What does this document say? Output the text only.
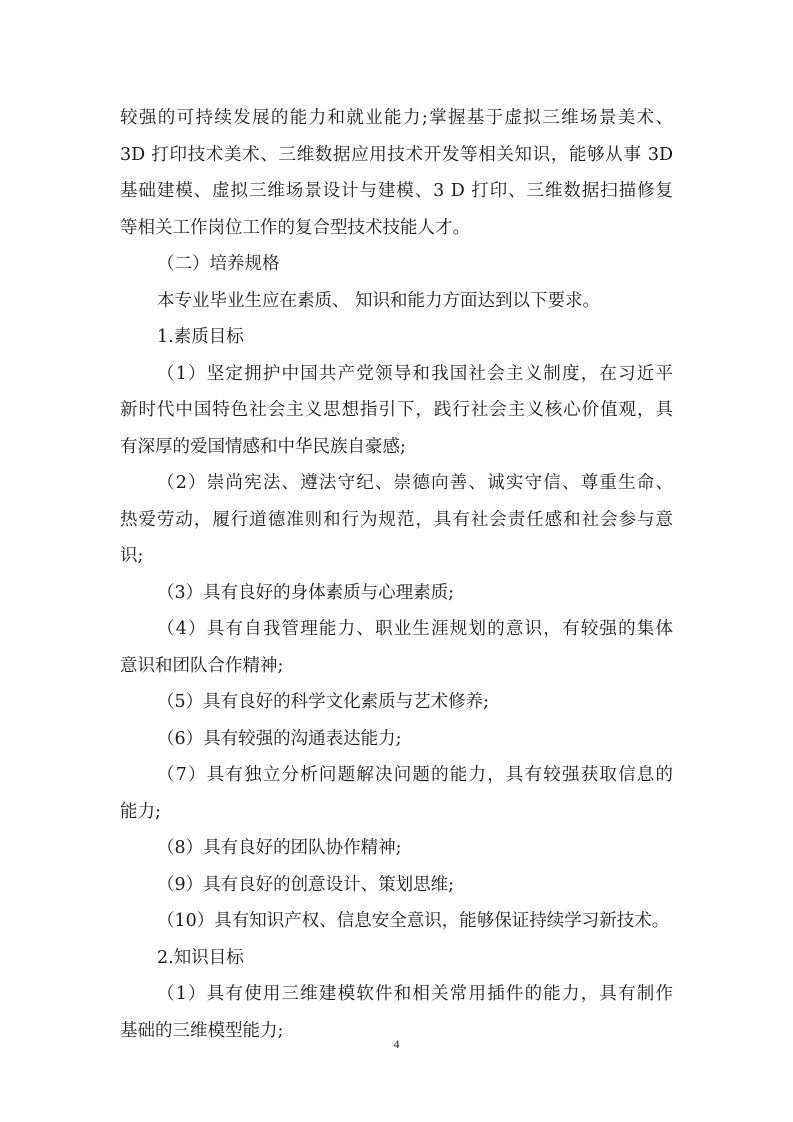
较强的可持续发展的能力和就业能力;掌握基于虚拟三维场景美术、
3D 打印技术美术、三维数据应用技术开发等相关知识，能够从事 3D
基础建模、虚拟三维场景设计与建模、3 D 打印、三维数据扫描修复
等相关工作岗位工作的复合型技术技能人才。
（二）培养规格
本专业毕业生应在素质、 知识和能力方面达到以下要求。
1.素质目标
（1）坚定拥护中国共产党领导和我国社会主义制度，在习近平
新时代中国特色社会主义思想指引下，践行社会主义核心价值观，具
有深厚的爱国情感和中华民族自豪感;
（2）崇尚宪法、遵法守纪、崇德向善、诚实守信、尊重生命、
热爱劳动，履行道德准则和行为规范，具有社会责任感和社会参与意
识;
（3）具有良好的身体素质与心理素质;
（4）具有自我管理能力、职业生涯规划的意识，有较强的集体
意识和团队合作精神;
（5）具有良好的科学文化素质与艺术修养;
（6）具有较强的沟通表达能力;
（7）具有独立分析问题解决问题的能力，具有较强获取信息的
能力;
（8）具有良好的团队协作精神;
（9）具有良好的创意设计、策划思维;
（10）具有知识产权、信息安全意识，能够保证持续学习新技术。
2.知识目标
（1）具有使用三维建模软件和相关常用插件的能力，具有制作
基础的三维模型能力;
4
